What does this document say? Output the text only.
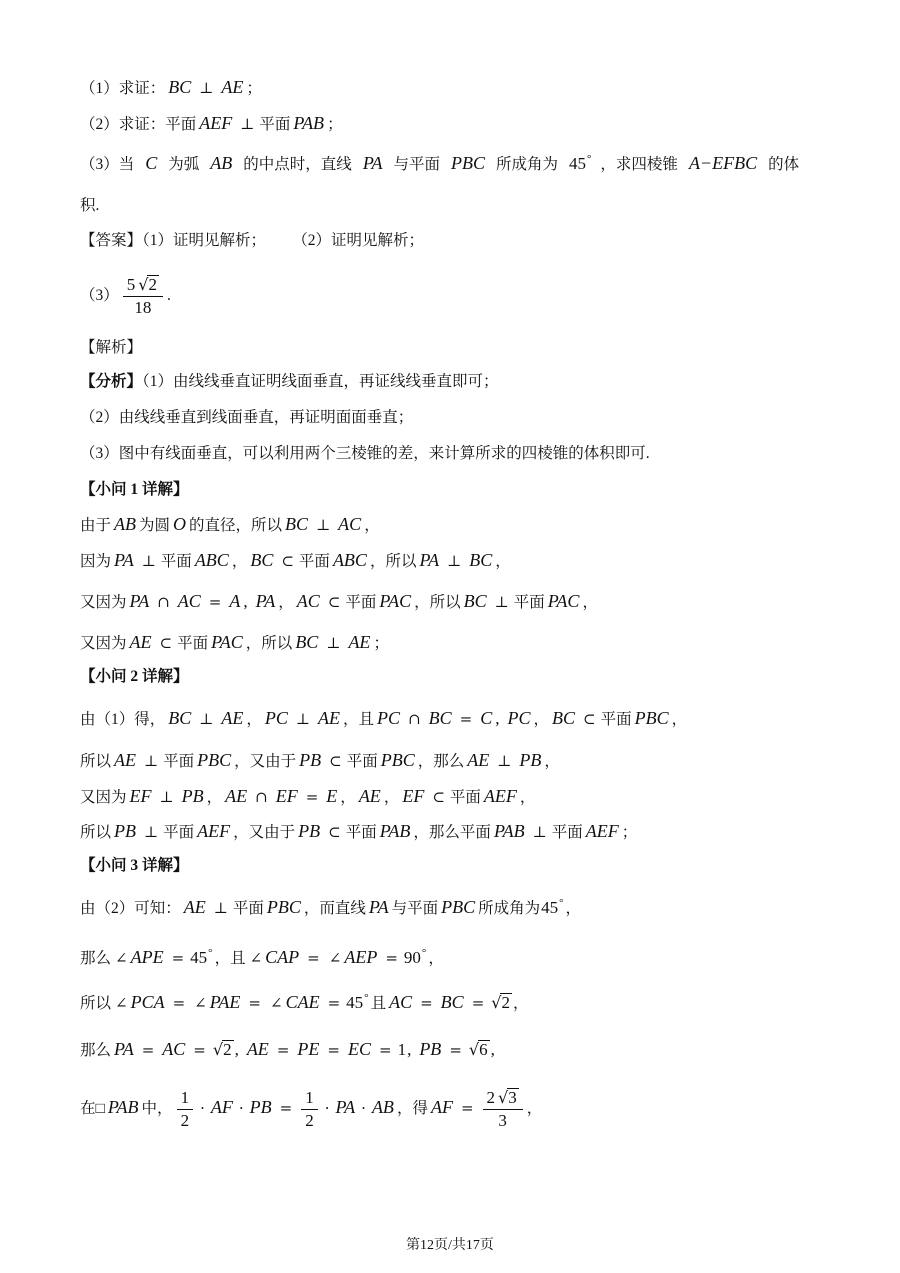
（1）求证： BC ⊥ AE ；
（2）求证：平面 AEF ⊥ 平面 PAB ；
（3）当 C 为弧 AB 的中点时，直线 PA 与平面 PBC 所成角为 45° ，求四棱锥 A−EFBC 的体
积.
【答案】（1）证明见解析； （2）证明见解析；
$(3) \frac{5 √2}{18}$ .
【解析】
【分析】（1）由线线垂直证明线面垂直，再证线线垂直即可；
（2）由线线垂直到线面垂直，再证明面面垂直；
（3）图中有线面垂直，可以利用两个三棱锥的差，来计算所求的四棱锥的体积即可.
【小问 1 详解】
由于 AB 为圆 O 的直径，所以 BC ⊥ AC ，
因为 PA ⊥ 平面 ABC ， BC ⊂ 平面 ABC ，所以 PA ⊥ BC ，
又因为 PA ∩ AC = A , PA ， AC ⊂ 平面 PAC ，所以 BC ⊥ 平面 PAC ，
又因为 AE ⊂ 平面 PAC ，所以 BC ⊥ AE ；
【小问 2 详解】
由（1）得， BC ⊥ AE ， PC ⊥ AE ，且 PC ∩ BC = C , PC ， BC ⊂ 平面 PBC ，
所以 AE ⊥ 平面 PBC ，又由于 PB ⊂ 平面 PBC ，那么 AE ⊥ PB ，
又因为 EF ⊥ PB ， AE ∩ EF = E ， AE ， EF ⊂ 平面 AEF ，
所以 PB ⊥ 平面 AEF ，又由于 PB ⊂ 平面 PAB ，那么平面 PAB ⊥ 平面 AEF ；
【小问 3 详解】
由（2）可知： AE ⊥ 平面 PBC ，而直线 PA 与平面 PBC 所成角为45° ，
那么 ∠ APE = 45° ，且 ∠ CAP = ∠ AEP = 90° ，
所以 ∠ PCA = ∠ PAE = ∠ CAE = 45° 且 AC = BC = √2 ，
那么 PA = AC = √2 , AE = PE = EC = 1, PB = √6 ,
在□ PAB 中， $\frac{1}{2}$ · AF · PB = $\frac{1}{2}$ · PA · AB ，得 AF = $\frac{2 √3}{3}$ ，
第12页/共17页
